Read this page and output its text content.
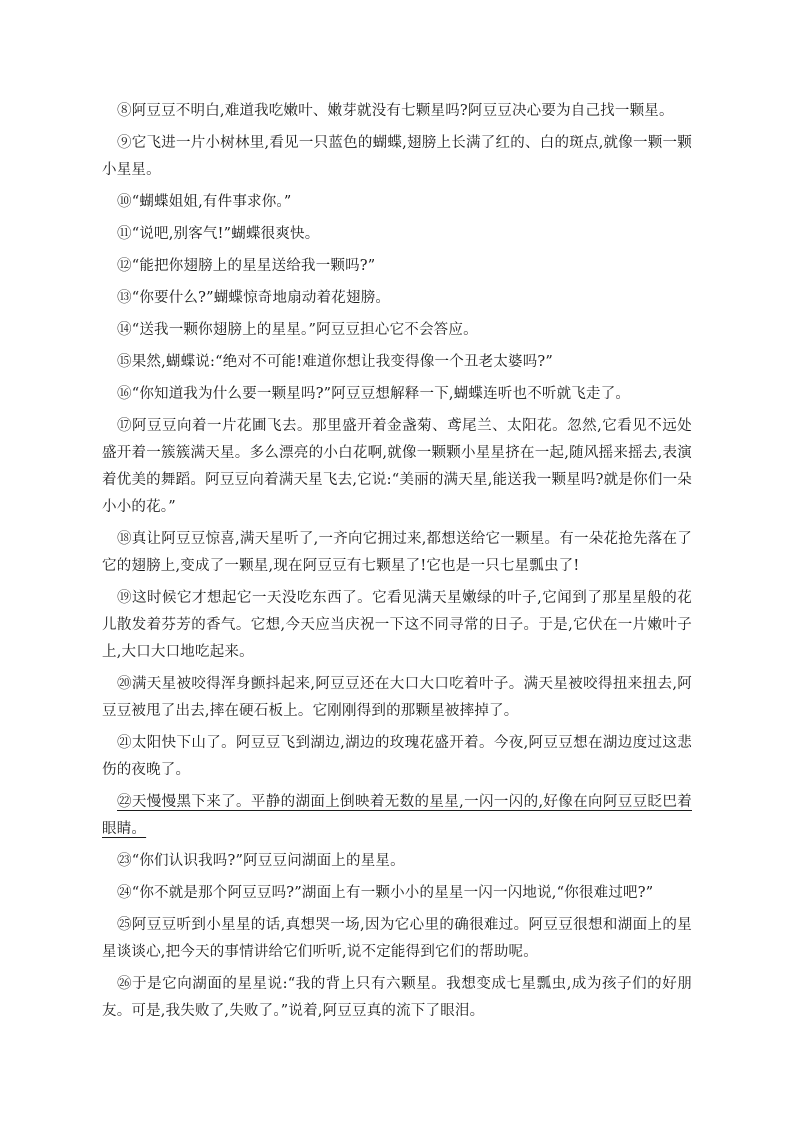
⑧阿豆豆不明白,难道我吃嫩叶、嫩芽就没有七颗星吗?阿豆豆决心要为自己找一颗星。

⑨它飞进一片小树林里,看见一只蓝色的蝴蝶,翅膀上长满了红的、白的斑点,就像一颗一颗小星星。

⑩“蝴蝶姐姐,有件事求你。”

⑪“说吧,别客气!”蝴蝶很爽快。

⑫“能把你翅膀上的星星送给我一颗吗?”

⑬“你要什么?”蝴蝶惊奇地扇动着花翅膀。

⑭“送我一颗你翅膀上的星星。”阿豆豆担心它不会答应。

⑮果然,蝴蝶说:“绝对不可能!难道你想让我变得像一个丑老太婆吗?”

⑯“你知道我为什么要一颗星吗?”阿豆豆想解释一下,蝴蝶连听也不听就飞走了。

⑰阿豆豆向着一片花圃飞去。那里盛开着金盏菊、鸢尾兰、太阳花。忽然,它看见不远处盛开着一簇簇满天星。多么漂亮的小白花啊,就像一颗颗小星星挤在一起,随风摇来摇去,表演着优美的舞蹈。阿豆豆向着满天星飞去,它说:“美丽的满天星,能送我一颗星吗?就是你们一朵小小的花。”

⑱真让阿豆豆惊喜,满天星听了,一齐向它拥过来,都想送给它一颗星。有一朵花抢先落在了它的翅膀上,变成了一颗星,现在阿豆豆有七颗星了!它也是一只七星瓢虫了!

⑲这时候它才想起它一天没吃东西了。它看见满天星嫩绿的叶子,它闻到了那星星般的花儿散发着芬芳的香气。它想,今天应当庆祝一下这不同寻常的日子。于是,它伏在一片嫩叶子上,大口大口地吃起来。

⑳满天星被咬得浑身颤抖起来,阿豆豆还在大口大口吃着叶子。满天星被咬得扭来扭去,阿豆豆被甩了出去,摔在硬石板上。它刚刚得到的那颗星被摔掉了。

㉑太阳快下山了。阿豆豆飞到湖边,湖边的玫瑰花盛开着。今夜,阿豆豆想在湖边度过这悲伤的夜晚了。

㉒天慢慢黑下来了。平静的湖面上倒映着无数的星星,一闪一闪的,好像在向阿豆豆眨巴着眼睛。

㉓“你们认识我吗?”阿豆豆问湖面上的星星。

㉔“你不就是那个阿豆豆吗?”湖面上有一颗小小的星星一闪一闪地说,“你很难过吧?”

㉕阿豆豆听到小星星的话,真想哭一场,因为它心里的确很难过。阿豆豆很想和湖面上的星星谈谈心,把今天的事情讲给它们听听,说不定能得到它们的帮助呢。

㉖于是它向湖面的星星说:“我的背上只有六颗星。我想变成七星瓢虫,成为孩子们的好朋友。可是,我失败了,失败了。”说着,阿豆豆真的流下了眼泪。
